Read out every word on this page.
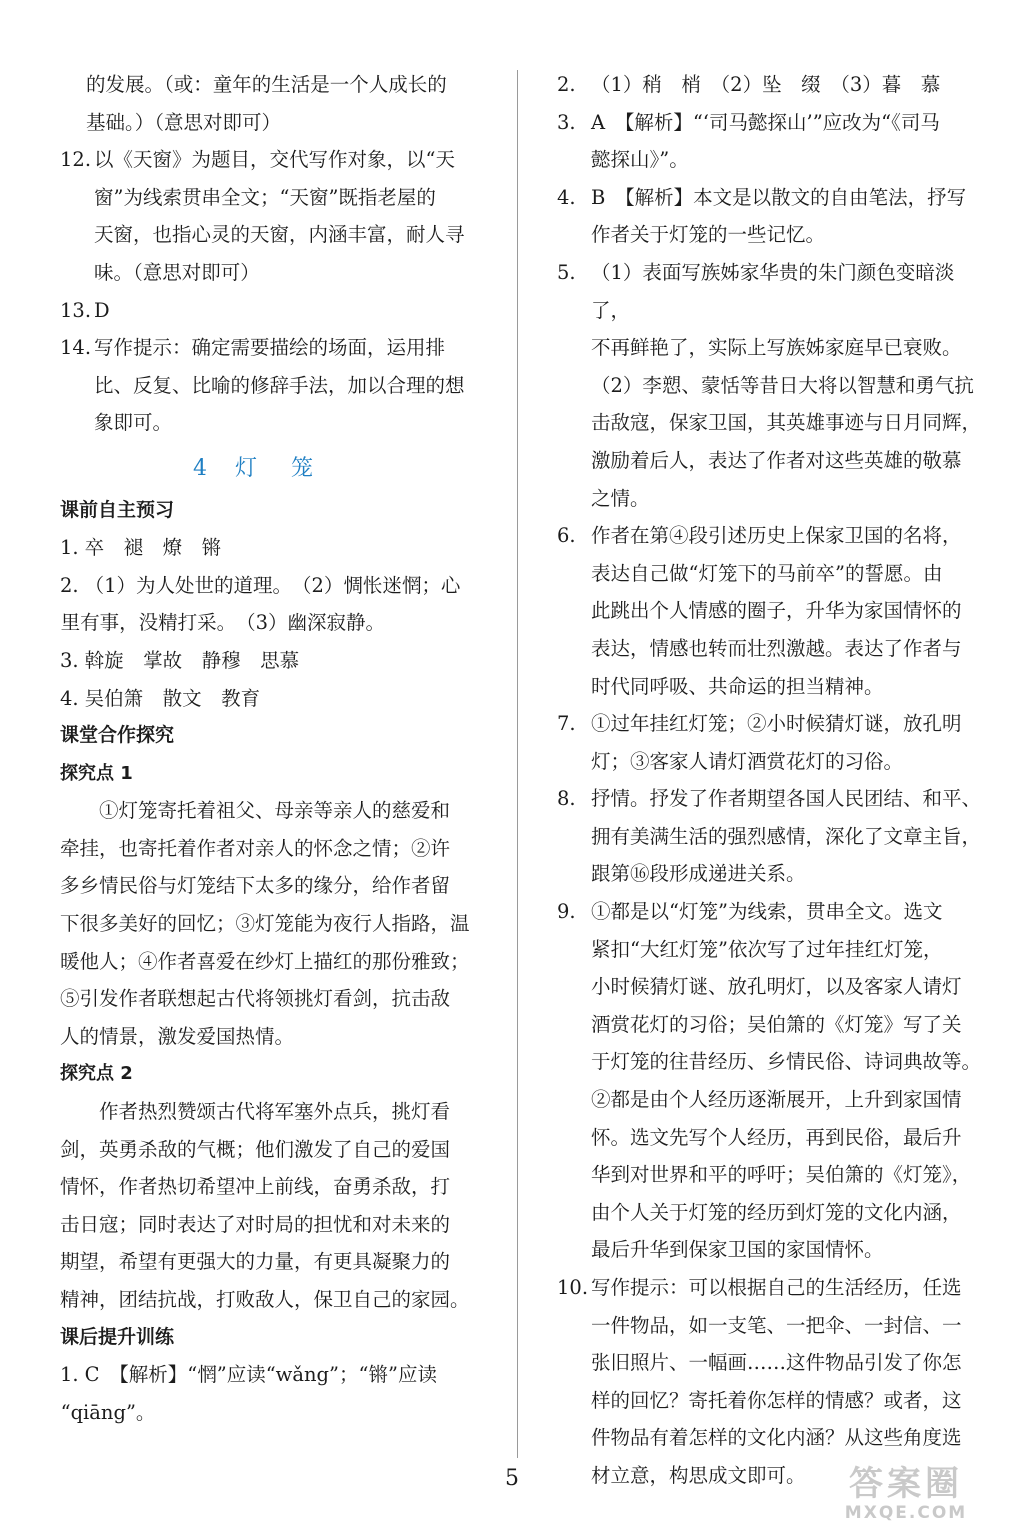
的发展。（或：童年的生活是一个人成长的

基础。）（意思对即可）

12. 以《天窗》为题目，交代写作对象，以“天
窗”为线索贯串全文；“天窗”既指老屋的
天窗，也指心灵的天窗，内涵丰富，耐人寻
味。（意思对即可）
13. D
14. 写作提示：确定需要描绘的场面，运用排
比、反复、比喻的修辞手法，加以合理的想
象即可。
4 灯笼
课前自主预习
1. 卒　褪　燎　锵
2. （1）为人处世的道理。　（2）惆怅迷惘；心
里有事，没精打采。　（3）幽深寂静。
3. 斡旋　掌故　静穆　思慕
4. 吴伯箫　散文　教育
课堂合作探究
探究点 1
①灯笼寄托着祖父、母亲等亲人的慈爱和
牵挂，也寄托着作者对亲人的怀念之情；②许
多乡情民俗与灯笼结下太多的缘分，给作者留
下很多美好的回忆；③灯笼能为夜行人指路，温
暖他人；④作者喜爱在纱灯上描红的那份雅致；
⑤引发作者联想起古代将领挑灯看剑，抗击敌
人的情景，激发爱国热情。
探究点 2
作者热烈赞颂古代将军塞外点兵，挑灯看
剑，英勇杀敌的气概；他们激发了自己的爱国
情怀，作者热切希望冲上前线，奋勇杀敌，打
击日寇；同时表达了对时局的担忧和对未来的
期望，希望有更强大的力量，有更具凝聚力的
精神，团结抗战，打败敌人，保卫自己的家园。
课后提升训练
1. C　【解析】“惘”应读“wǎng”；“锵”应读
“qiāng”。
2. （1）稍　梢　（2）坠　缀　（3）暮　慕
3. A　【解析】“‘司马懿探山’”应改为“《司马
懿探山》”。
4. B　【解析】本文是以散文的自由笔法，抒写
作者关于灯笼的一些记忆。
5. （1）表面写族姊家华贵的朱门颜色变暗淡了，
不再鲜艳了，实际上写族姊家庭早已衰败。
（2）李愬、蒙恬等昔日大将以智慧和勇气抗
击敌寇，保家卫国，其英雄事迹与日月同辉，
激励着后人，表达了作者对这些英雄的敬慕
之情。
6. 作者在第④段引述历史上保家卫国的名将，
表达自己做“灯笼下的马前卒”的誓愿。由
此跳出个人情感的圈子，升华为家国情怀的
表达，情感也转而壮烈激越。表达了作者与
时代同呼吸、共命运的担当精神。
7. ①过年挂红灯笼；②小时候猜灯谜，放孔明
灯；③客家人请灯酒赏花灯的习俗。
8. 抒情。抒发了作者期望各国人民团结、和平、
拥有美满生活的强烈感情，深化了文章主旨，
跟第⑯段形成递进关系。
9. ①都是以“灯笼”为线索，贯串全文。选文
紧扣“大红灯笼”依次写了过年挂红灯笼，
小时候猜灯谜、放孔明灯，以及客家人请灯
酒赏花灯的习俗；吴伯箫的《灯笼》写了关
于灯笼的往昔经历、乡情民俗、诗词典故等。
②都是由个人经历逐渐展开，上升到家国情
怀。选文先写个人经历，再到民俗，最后升
华到对世界和平的呼吁；吴伯箫的《灯笼》，
由个人关于灯笼的经历到灯笼的文化内涵，
最后升华到保家卫国的家国情怀。
10. 写作提示：可以根据自己的生活经历，任选
一件物品，如一支笔、一把伞、一封信、一
张旧照片、一幅画……这件物品引发了你怎
样的回忆？寄托着你怎样的情感？或者，这
件物品有着怎样的文化内涵？从这些角度选
材立意，构思成文即可。
5	答案圈
MXQE.COM
